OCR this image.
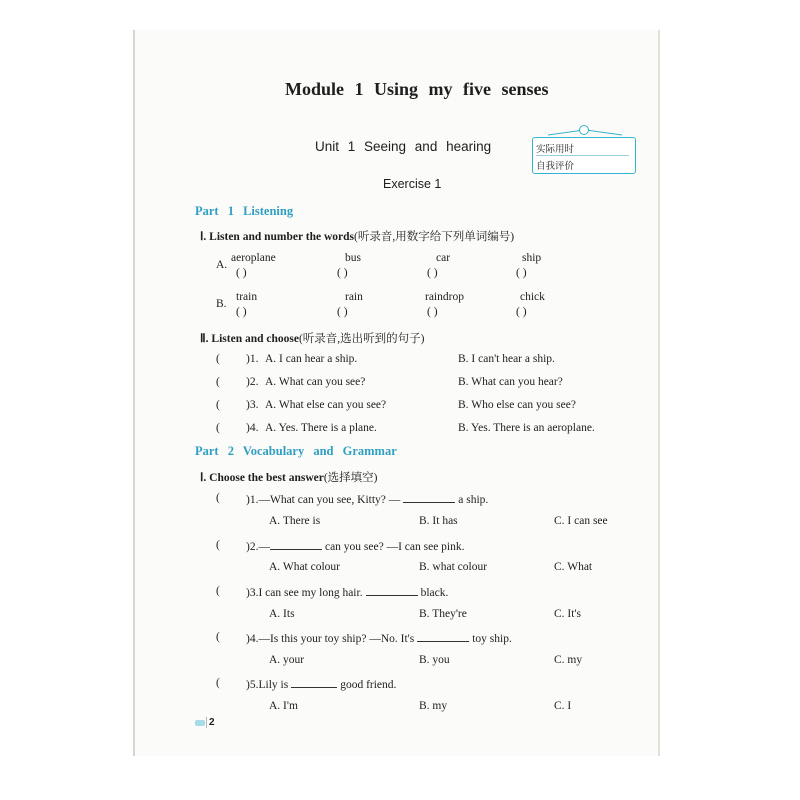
Module 1 Using my five senses
Unit 1 Seeing and hearing
Exercise 1
实际用时
自我评价
Part 1 Listening
Ⅰ. Listen and number the words(听录音,用数字给下列单词编号)
A.
aeroplane	bus	car	ship
( )	( )	( )	( )
B.
train	rain	raindrop	chick
( )	( )	( )	( )
Ⅱ. Listen and choose(听录音,选出听到的句子)
( )1. A. I can hear a ship.	B. I can't hear a ship.
( )2. A. What can you see?	B. What can you hear?
( )3. A. What else can you see?	B. Who else can you see?
( )4. A. Yes. There is a plane.	B. Yes. There is an aeroplane.
Part 2 Vocabulary and Grammar
Ⅰ. Choose the best answer(选择填空)
( )1.—What can you see, Kitty? —	a ship.
A. There is	B. It has	C. I can see
( )2.—	can you see? —I can see pink.
A. What colour	B. what colour	C. What
( )3.I can see my long hair.	black.
A. Its	B. They're	C. It's
( )4.—Is this your toy ship? —No. It's	toy ship.
A. your	B. you	C. my
( )5.Lily is	good friend.
A. I'm	B. my	C. I
2
